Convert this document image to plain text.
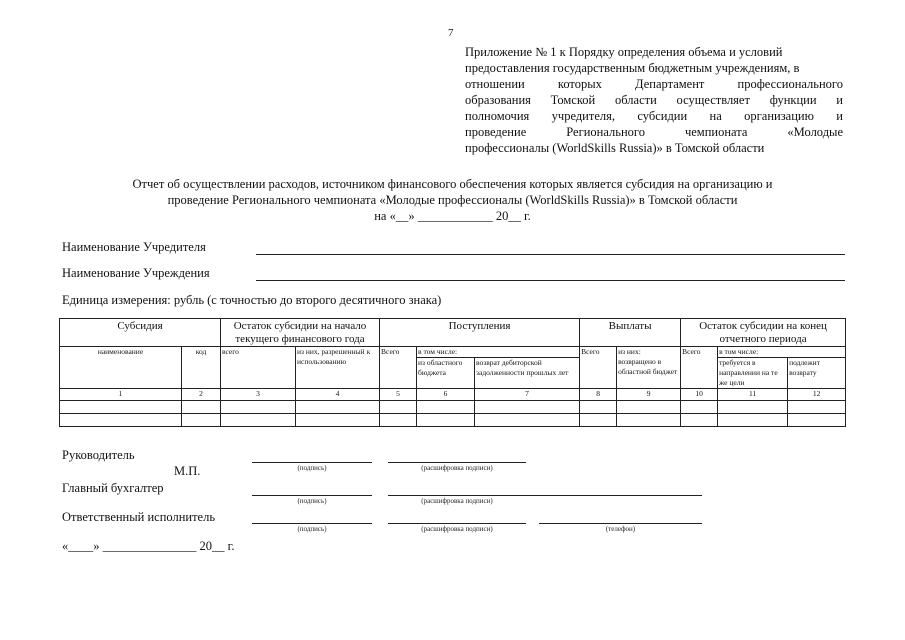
7
Приложение № 1 к Порядку определения объема и условий
предоставления государственным бюджетным учреждениям, в
отношении которых Департамент профессионального
образования Томской области осуществляет функции и
полномочия учредителя, субсидии на организацию и
проведение Регионального чемпионата «Молодые
профессионалы (WorldSkills Russia)» в Томской области
Отчет об осуществлении расходов, источником финансового обеспечения которых является субсидия на организацию и
проведение Регионального чемпионата «Молодые профессионалы (WorldSkills Russia)» в Томской области
на «__» ____________ 20__ г.
Наименование Учредителя
Наименование Учреждения
Единица измерения: рубль (с точностью до второго десятичного знака)
Субсидия		Остаток субсидии на начало текущего финансового года		Поступления			Выплаты		Остаток субсидии на конец отчетного периода		
наименование	код	всего	из них, разрешенный к использованию	Всего	в том числе:		Всего	из них: возвращено в областной бюджет	Всего	в том числе:	
					из областного бюджета	возврат дебиторской задолженности прошлых лет				требуется в направлении на те же цели	подлежит возврату
1	2	3	4	5	6	7	8	9	10	11	12

Руководитель
М.П.	(подпись)	(расшифровка подписи)
Главный бухгалтер
(подпись)	(расшифровка подписи)
Ответственный исполнитель
(подпись)	(расшифровка подписи)	(телефон)
«____» _______________ 20__ г.
